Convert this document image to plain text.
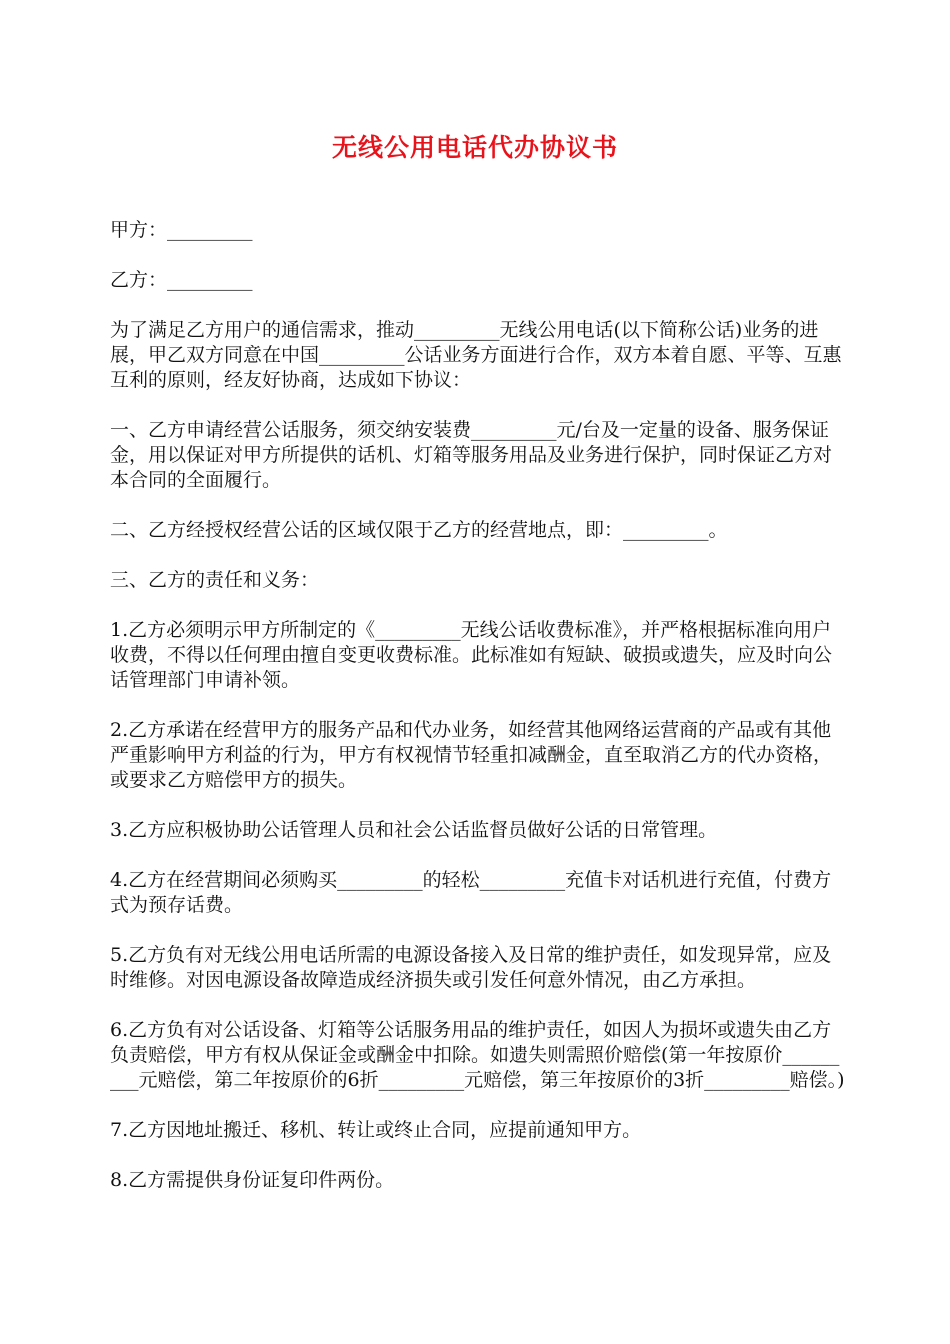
无线公用电话代办协议书

甲方：_________

乙方：_________

为了满足乙方用户的通信需求，推动_________无线公用电话(以下简称公话)业务的进展，甲乙双方同意在中国_________公话业务方面进行合作，双方本着自愿、平等、互惠互利的原则，经友好协商，达成如下协议：

一、乙方申请经营公话服务，须交纳安装费_________元/台及一定量的设备、服务保证金，用以保证对甲方所提供的话机、灯箱等服务用品及业务进行保护，同时保证乙方对本合同的全面履行。

二、乙方经授权经营公话的区域仅限于乙方的经营地点，即：_________。

三、乙方的责任和义务：

1.乙方必须明示甲方所制定的《_________无线公话收费标准》，并严格根据标准向用户收费，不得以任何理由擅自变更收费标准。此标准如有短缺、破损或遗失，应及时向公话管理部门申请补领。

2.乙方承诺在经营甲方的服务产品和代办业务，如经营其他网络运营商的产品或有其他严重影响甲方利益的行为，甲方有权视情节轻重扣减酬金，直至取消乙方的代办资格，或要求乙方赔偿甲方的损失。

3.乙方应积极协助公话管理人员和社会公话监督员做好公话的日常管理。

4.乙方在经营期间必须购买_________的轻松_________充值卡对话机进行充值，付费方式为预存话费。

5.乙方负有对无线公用电话所需的电源设备接入及日常的维护责任，如发现异常，应及时维修。对因电源设备故障造成经济损失或引发任何意外情况，由乙方承担。

6.乙方负有对公话设备、灯箱等公话服务用品的维护责任，如因人为损坏或遗失由乙方负责赔偿，甲方有权从保证金或酬金中扣除。如遗失则需照价赔偿(第一年按原价_________元赔偿，第二年按原价的6折_________元赔偿，第三年按原价的3折_________赔偿。)

7.乙方因地址搬迁、移机、转让或终止合同，应提前通知甲方。

8.乙方需提供身份证复印件两份。
